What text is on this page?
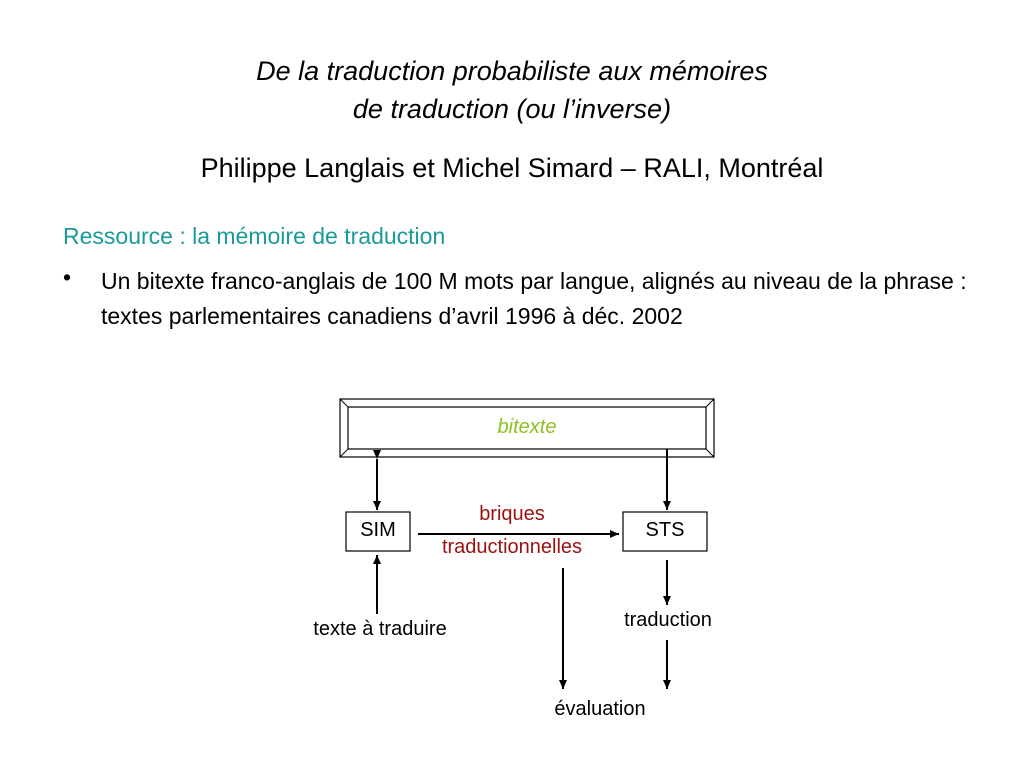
De la traduction probabiliste aux mémoires
de traduction (ou l’inverse)
Philippe Langlais et Michel Simard – RALI, Montréal
Ressource : la mémoire de traduction
• Un bitexte franco-anglais de 100 M mots par langue, alignés au niveau de la phrase : textes parlementaires canadiens d’avril 1996 à déc. 2002
bitexte
SIM	STS
briques
traductionnelles
texte à traduire	traduction
évaluation
